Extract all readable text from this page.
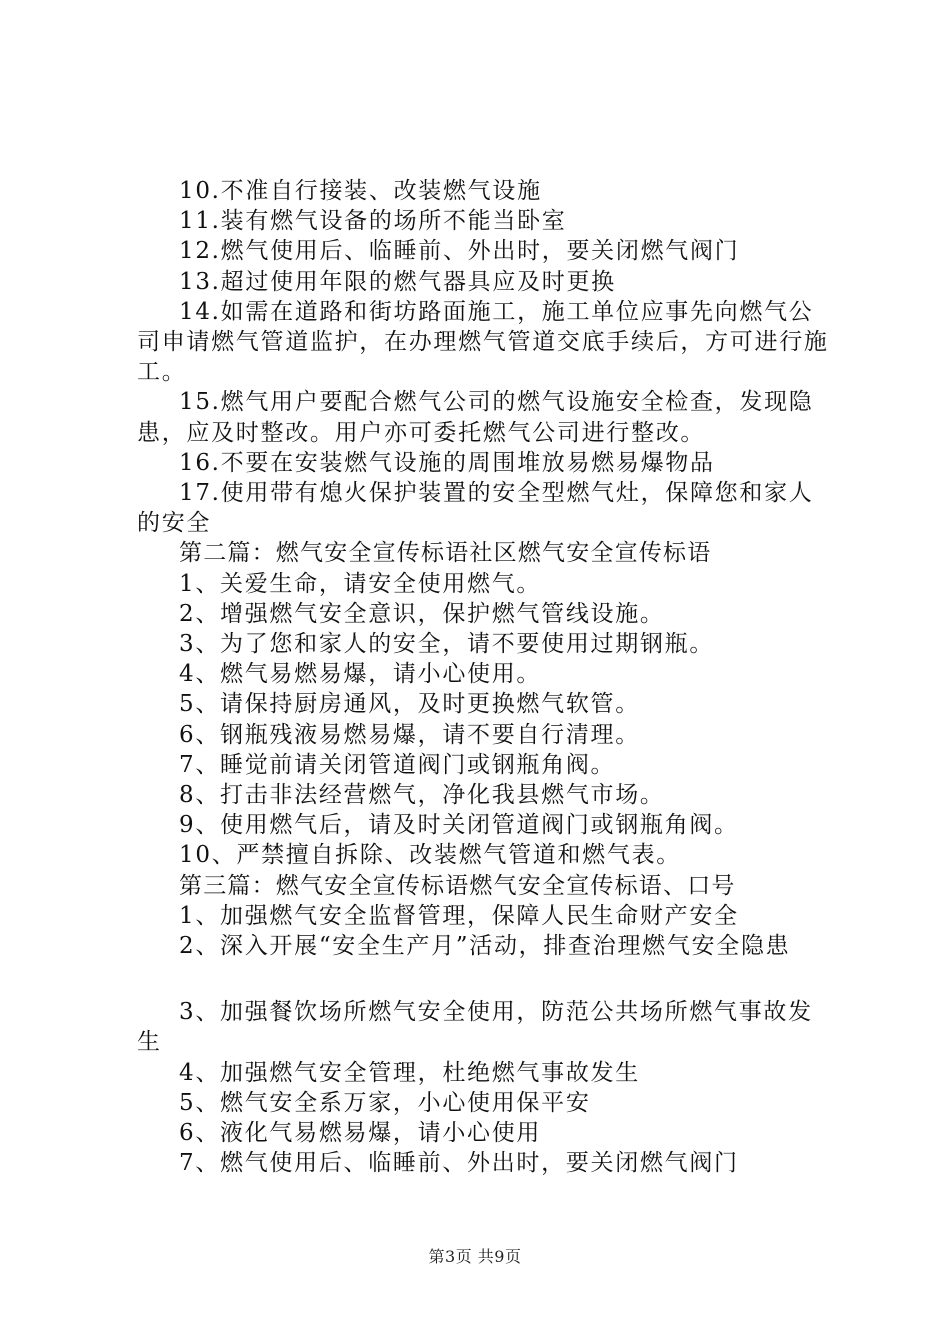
10.不准自行接装、改装燃气设施

11.装有燃气设备的场所不能当卧室

12.燃气使用后、临睡前、外出时，要关闭燃气阀门

13.超过使用年限的燃气器具应及时更换

14.如需在道路和街坊路面施工，施工单位应事先向燃气公司申请燃气管道监护，在办理燃气管道交底手续后，方可进行施工。

15.燃气用户要配合燃气公司的燃气设施安全检查，发现隐患，应及时整改。用户亦可委托燃气公司进行整改。

16.不要在安装燃气设施的周围堆放易燃易爆物品

17.使用带有熄火保护装置的安全型燃气灶，保障您和家人的安全

第二篇：燃气安全宣传标语社区燃气安全宣传标语

1、关爱生命，请安全使用燃气。

2、增强燃气安全意识，保护燃气管线设施。

3、为了您和家人的安全，请不要使用过期钢瓶。

4、燃气易燃易爆，请小心使用。

5、请保持厨房通风，及时更换燃气软管。

6、钢瓶残液易燃易爆，请不要自行清理。

7、睡觉前请关闭管道阀门或钢瓶角阀。

8、打击非法经营燃气，净化我县燃气市场。

9、使用燃气后，请及时关闭管道阀门或钢瓶角阀。

10、严禁擅自拆除、改装燃气管道和燃气表。

第三篇：燃气安全宣传标语燃气安全宣传标语、口号

1、加强燃气安全监督管理，保障人民生命财产安全

2、深入开展“安全生产月”活动，排查治理燃气安全隐患

3、加强餐饮场所燃气安全使用，防范公共场所燃气事故发生

4、加强燃气安全管理，杜绝燃气事故发生

5、燃气安全系万家，小心使用保平安

6、液化气易燃易爆，请小心使用

7、燃气使用后、临睡前、外出时，要关闭燃气阀门

第3页 共9页
